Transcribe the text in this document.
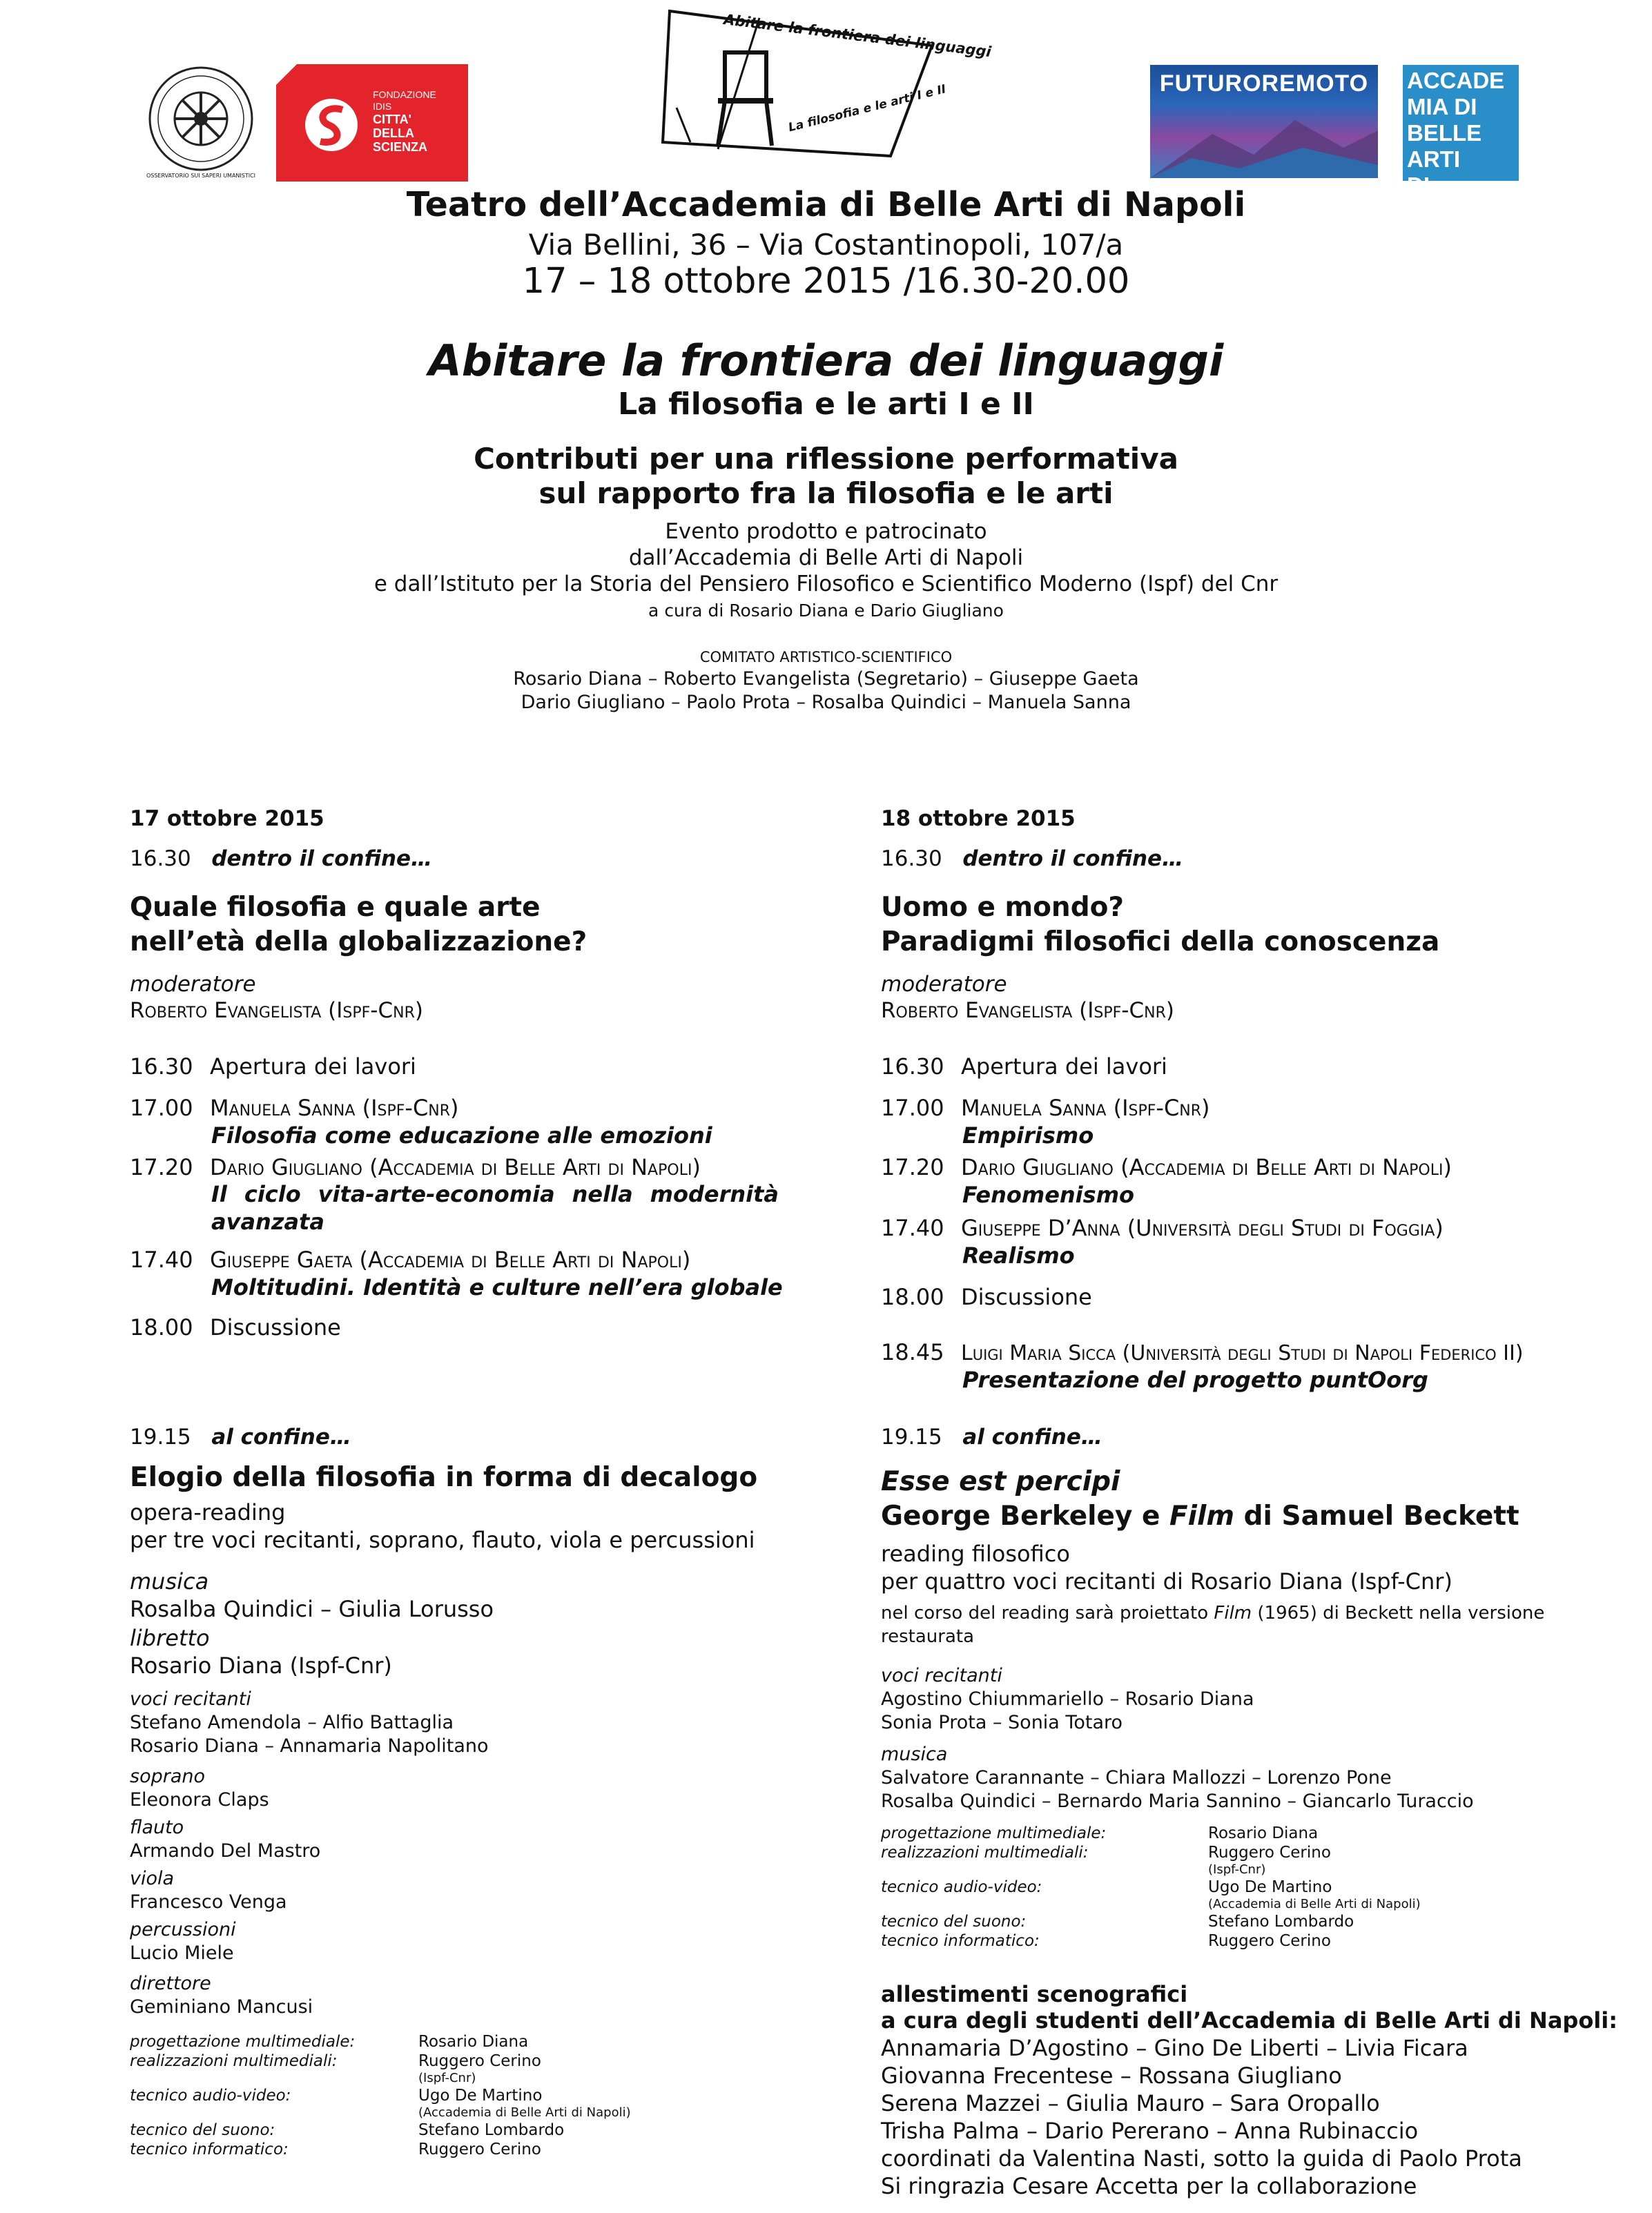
OSSERVATORIO SUI SAPERI UMANISTICI
FONDAZIONE
IDIS
CITTA'
DELLA
SCIENZA
Abitare la frontiera dei linguaggi
La filosofia e le arti I e II	FUTUROREMOTO	ACCADE
MIA DI
BELLE ARTI
DI NAPOLI
Teatro dell’Accademia di Belle Arti di Napoli
Via Bellini, 36 – Via Costantinopoli, 107/a
17 – 18 ottobre 2015 /16.30-20.00
Abitare la frontiera dei linguaggi
La filosofia e le arti I e II
Contributi per una riflessione performativa
sul rapporto fra la filosofia e le arti
Evento prodotto e patrocinato
dall’Accademia di Belle Arti di Napoli
e dall’Istituto per la Storia del Pensiero Filosofico e Scientifico Moderno (Ispf) del Cnr
a cura di Rosario Diana e Dario Giugliano
COMITATO ARTISTICO-SCIENTIFICO
Rosario Diana – Roberto Evangelista (Segretario) – Giuseppe Gaeta
Dario Giugliano – Paolo Prota – Rosalba Quindici – Manuela Sanna
17 ottobre 2015
16.30 dentro il confine…
Quale filosofia e quale arte
nell’età della globalizzazione?
moderatore
Roberto Evangelista (Ispf-Cnr)
16.30 Apertura dei lavori
17.00 Manuela Sanna (Ispf-Cnr)
Filosofia come educazione alle emozioni
17.20 Dario Giugliano (Accademia di Belle Arti di Napoli)
Il ciclo vita-arte-economia nella modernità avanzata
17.40 Giuseppe Gaeta (Accademia di Belle Arti di Napoli)
Moltitudini. Identità e culture nell’era globale
18.00 Discussione
19.15 al confine…
Elogio della filosofia in forma di decalogo
opera-reading
per tre voci recitanti, soprano, flauto, viola e percussioni
musica
Rosalba Quindici – Giulia Lorusso
libretto
Rosario Diana (Ispf-Cnr)
voci recitanti
Stefano Amendola – Alfio Battaglia
Rosario Diana – Annamaria Napolitano
soprano
Eleonora Claps
flauto
Armando Del Mastro
viola
Francesco Venga
percussioni
Lucio Miele
direttore
Geminiano Mancusi
progettazione multimediale:	Rosario Diana
realizzazioni multimediali:	Ruggero Cerino
(Ispf-Cnr)
tecnico audio-video:	Ugo De Martino
(Accademia di Belle Arti di Napoli)
tecnico del suono:	Stefano Lombardo
tecnico informatico:	Ruggero Cerino
18 ottobre 2015
16.30 dentro il confine…
Uomo e mondo?
Paradigmi filosofici della conoscenza
moderatore
Roberto Evangelista (Ispf-Cnr)
16.30 Apertura dei lavori
17.00 Manuela Sanna (Ispf-Cnr)
Empirismo
17.20 Dario Giugliano (Accademia di Belle Arti di Napoli)
Fenomenismo
17.40 Giuseppe D’Anna (Università degli Studi di Foggia)
Realismo
18.00 Discussione
18.45 Luigi Maria Sicca (Università degli Studi di Napoli Federico II)
Presentazione del progetto puntOorg
19.15 al confine…
Esse est percipi
George Berkeley e Film di Samuel Beckett
reading filosofico
per quattro voci recitanti di Rosario Diana (Ispf-Cnr)
nel corso del reading sarà proiettato Film (1965) di Beckett nella versione
restaurata
voci recitanti
Agostino Chiummariello – Rosario Diana
Sonia Prota – Sonia Totaro
musica
Salvatore Carannante – Chiara Mallozzi – Lorenzo Pone
Rosalba Quindici – Bernardo Maria Sannino – Giancarlo Turaccio
progettazione multimediale:	Rosario Diana
realizzazioni multimediali:	Ruggero Cerino
(Ispf-Cnr)
tecnico audio-video:	Ugo De Martino
(Accademia di Belle Arti di Napoli)
tecnico del suono:	Stefano Lombardo
tecnico informatico:	Ruggero Cerino
allestimenti scenografici
a cura degli studenti dell’Accademia di Belle Arti di Napoli:
Annamaria D’Agostino – Gino De Liberti – Livia Ficara
Giovanna Frecentese – Rossana Giugliano
Serena Mazzei – Giulia Mauro – Sara Oropallo
Trisha Palma – Dario Pererano – Anna Rubinaccio
coordinati da Valentina Nasti, sotto la guida di Paolo Prota
Si ringrazia Cesare Accetta per la collaborazione
